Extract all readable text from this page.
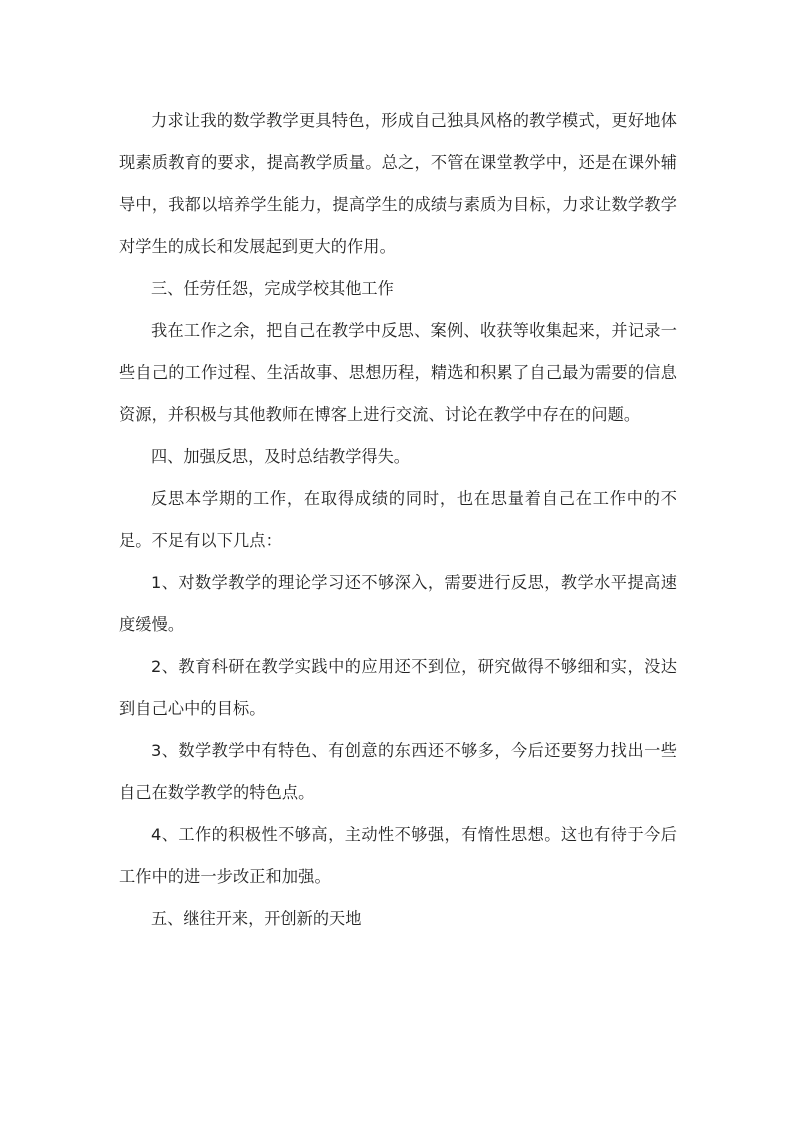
力求让我的数学教学更具特色，形成自己独具风格的教学模式，更好地体现素质教育的要求，提高教学质量。总之，不管在课堂教学中，还是在课外辅导中，我都以培养学生能力，提高学生的成绩与素质为目标，力求让数学教学对学生的成长和发展起到更大的作用。

三、任劳任怨，完成学校其他工作

我在工作之余，把自己在教学中反思、案例、收获等收集起来，并记录一些自己的工作过程、生活故事、思想历程，精选和积累了自己最为需要的信息资源，并积极与其他教师在博客上进行交流、讨论在教学中存在的问题。

四、加强反思，及时总结教学得失。

反思本学期的工作，在取得成绩的同时，也在思量着自己在工作中的不足。不足有以下几点：

1、对数学教学的理论学习还不够深入，需要进行反思，教学水平提高速度缓慢。

2、教育科研在教学实践中的应用还不到位，研究做得不够细和实，没达到自己心中的目标。

3、数学教学中有特色、有创意的东西还不够多，今后还要努力找出一些自己在数学教学的特色点。

4、工作的积极性不够高，主动性不够强，有惰性思想。这也有待于今后工作中的进一步改正和加强。

五、继往开来，开创新的天地
